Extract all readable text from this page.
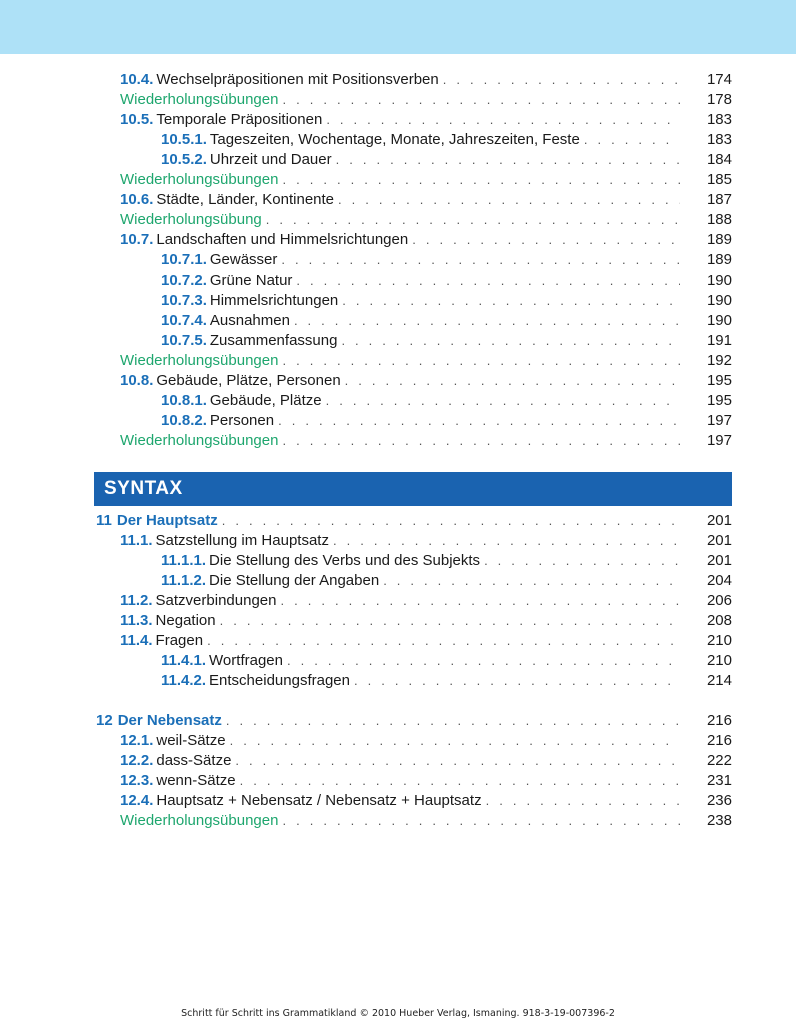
10.4. Wechselpräpositionen mit Positionsverben . . .	174
Wiederholungsübungen . . .	178
10.5. Temporale Präpositionen . . .	183
10.5.1. Tageszeiten, Wochentage, Monate, Jahreszeiten, Feste . . .	183
10.5.2. Uhrzeit und Dauer . . .	184
Wiederholungsübungen . . .	185
10.6. Städte, Länder, Kontinente . . .	187
Wiederholungsübung . . .	188
10.7. Landschaften und Himmelsrichtungen . . .	189
10.7.1. Gewässer . . .	189
10.7.2. Grüne Natur . . .	190
10.7.3. Himmelsrichtungen . . .	190
10.7.4. Ausnahmen . . .	190
10.7.5. Zusammenfassung . . .	191
Wiederholungsübungen . . .	192
10.8. Gebäude, Plätze, Personen . . .	195
10.8.1. Gebäude, Plätze . . .	195
10.8.2. Personen . . .	197
Wiederholungsübungen . . .	197
11 Der Hauptsatz . . .	201
11.1. Satzstellung im Hauptsatz . . .	201
11.1.1. Die Stellung des Verbs und des Subjekts . . .	201
11.1.2. Die Stellung der Angaben . . .	204
11.2. Satzverbindungen . . .	206
11.3. Negation . . .	208
11.4. Fragen . . .	210
11.4.1. Wortfragen . . .	210
11.4.2. Entscheidungsfragen . . .	214
12 Der Nebensatz . . .	216
12.1. weil-Sätze . . .	216
12.2. dass-Sätze . . .	222
12.3. wenn-Sätze . . .	231
12.4. Hauptsatz + Nebensatz / Nebensatz + Hauptsatz . . .	236
Wiederholungsübungen . . .	238
SYNTAX
Schritt für Schritt ins Grammatikland © 2010 Hueber Verlag, Ismaning. 918-3-19-007396-2
